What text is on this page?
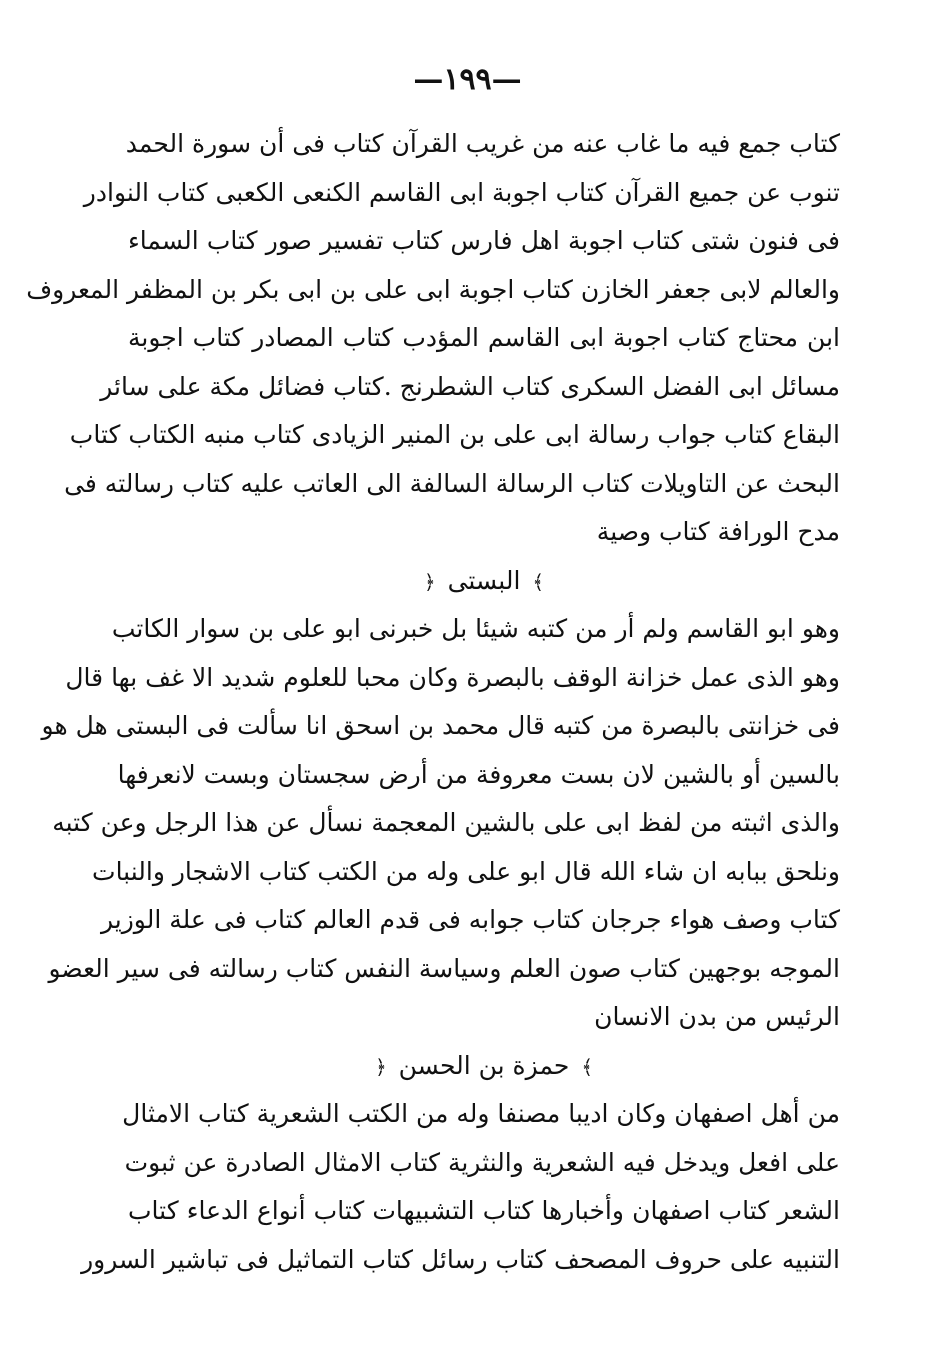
—١٩٩—
كتاب جمع فيه ما غاب عنه من غريب القرآن كتاب فى أن سورة الحمد
تنوب عن جميع القرآن كتاب اجوبة ابى القاسم الكنعى الكعبى كتاب النوادر
فى فنون شتى كتاب اجوبة اهل فارس كتاب تفسير صور كتاب السماء
والعالم لابى جعفر الخازن كتاب اجوبة ابى على بن ابى بكر بن المظفر المعروف
ابن محتاج كتاب اجوبة ابى القاسم المؤدب كتاب المصادر كتاب اجوبة
مسائل ابى الفضل السكرى كتاب الشطرنج .كتاب فضائل مكة على سائر
البقاع كتاب جواب رسالة ابى على بن المنير الزيادى كتاب منبه الكتاب كتاب
البحث عن التاويلات كتاب الرسالة السالفة الى العاتب عليه كتاب رسالته فى
مدح الورافة كتاب وصية
﴾ البستى ﴿
وهو ابو القاسم ولم أر من كتبه شيئا بل خبرنى ابو على بن سوار الكاتب
وهو الذى عمل خزانة الوقف بالبصرة وكان محبا للعلوم شديد الا غف بها قال
فى خزانتى بالبصرة من كتبه قال محمد بن اسحق انا سألت فى البستى هل هو
بالسين أو بالشين لان بست معروفة من أرض سجستان وبست لانعرفها
والذى اثبته من لفظ ابى على بالشين المعجمة نسأل عن هذا الرجل وعن كتبه
ونلحق ببابه ان شاء الله قال ابو على وله من الكتب كتاب الاشجار والنبات
كتاب وصف هواء جرجان كتاب جوابه فى قدم العالم كتاب فى علة الوزير
الموجه بوجهين كتاب صون العلم وسياسة النفس كتاب رسالته فى سير العضو
الرئيس من بدن الانسان
﴾ حمزة بن الحسن ﴿
من أهل اصفهان وكان اديبا مصنفا وله من الكتب الشعرية كتاب الامثال
على افعل ويدخل فيه الشعرية والنثرية كتاب الامثال الصادرة عن ثبوت
الشعر كتاب اصفهان وأخبارها كتاب التشبيهات كتاب أنواع الدعاء كتاب
التنبيه على حروف المصحف كتاب رسائل كتاب التماثيل فى تباشير السرور
